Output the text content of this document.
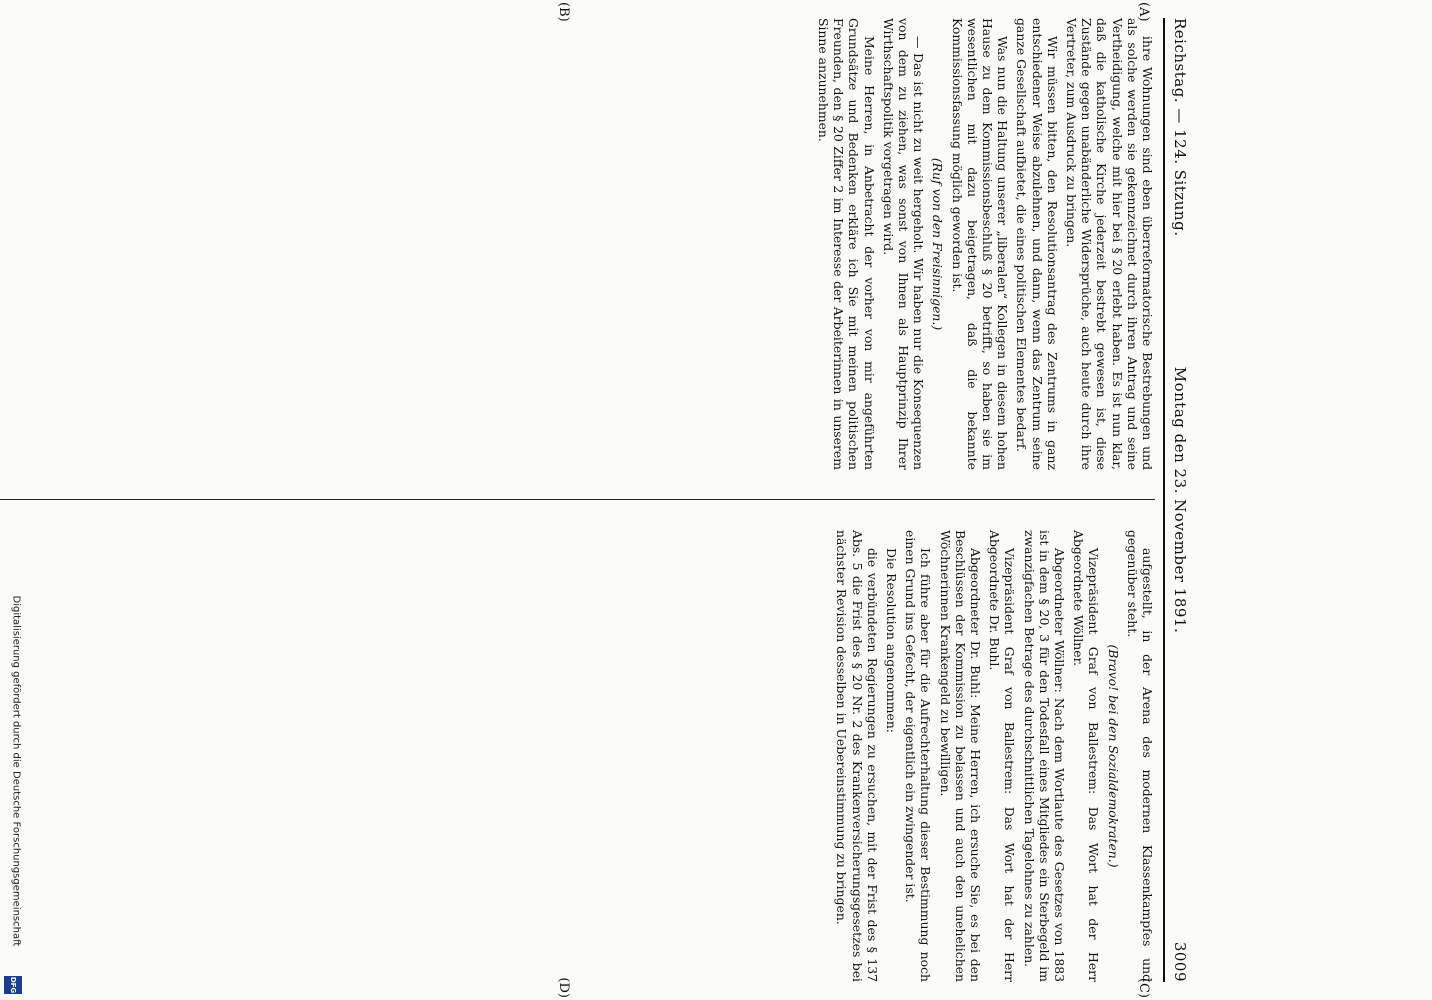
Reichstag. — 124. Sitzung.
Montag den 23. November 1891.
3009
(A)
(B)
(C)
(D)

ihre Wohnungen sind eben überreformatorische Bestrebungen und als solche werden sie gekennzeichnet durch ihren Antrag und seine Vertheidigung, welche mit hier bei § 20 erlebt haben. Es ist nun klar, daß die katholische Kirche jederzeit bestrebt gewesen ist, diese Zustände gegen unabänderliche Widersprüche, auch heute durch ihre Vertreter, zum Ausdruck zu bringen.

Wir müssen bitten, den Resolutionsantrag des Zentrums in ganz entschiedener Weise abzulehnen, und dann, wenn das Zentrum seine ganze Gesellschaft aufbietet, die eines politischen Elementes bedarf.

Was nun die Haltung unserer „liberalen“ Kollegen in diesem hohen Hause zu dem Kommissionsbeschluß § 20 betrifft, so haben sie im wesentlichen mit dazu beigetragen, daß die bekannte Kommissionsfassung möglich geworden ist.

(Ruf von den Freisinnigen.)

— Das ist nicht zu weit hergeholt. Wir haben nur die Konsequenzen von dem zu ziehen, was sonst von Ihnen als Hauptprinzip Ihrer Wirthschaftspolitik vorgetragen wird.

Meine Herren, in Anbetracht der vorher von mir angeführten Grundsätze und Bedenken erkläre ich Sie mit meinen politischen Freunden, den § 20 Ziffer 2 im Interesse der Arbeiterinnen in unserem Sinne anzunehmen.

aufgestellt, in der Arena des modernen Klassenkampfes und gegenüber steht.

(Bravo! bei den Sozialdemokraten.)

Vizepräsident Graf von Ballestrem: Das Wort hat der Herr Abgeordnete Wöllner.

Abgeordneter Wöllner: Nach dem Wortlaute des Gesetzes von 1883 ist in dem § 20, 3 für den Todesfall eines Mitgliedes ein Sterbegeld im zwanzigfachen Betrage des durchschnittlichen Tagelohnes zu zahlen.

Vizepräsident Graf von Ballestrem: Das Wort hat der Herr Abgeordnete Dr. Buhl.

Abgeordneter Dr. Buhl: Meine Herren, ich ersuche Sie, es bei den Beschlüssen der Kommission zu belassen und auch den unehelichen Wöchnerinnen Krankengeld zu bewilligen.

Ich führe aber für die Aufrechterhaltung dieser Bestimmung noch einen Grund ins Gefecht, der eigentlich ein zwingender ist.

Die Resolution angenommen:

die verbündeten Regierungen zu ersuchen, mit der Frist des § 137 Abs. 5 die Frist des § 20 Nr. 2 des Krankenversicherungsgesetzes bei nächster Revision desselben in Uebereinstimmung zu bringen.

Digitalisierung gefördert durch die Deutsche Forschungsgemeinschaft
DFG
